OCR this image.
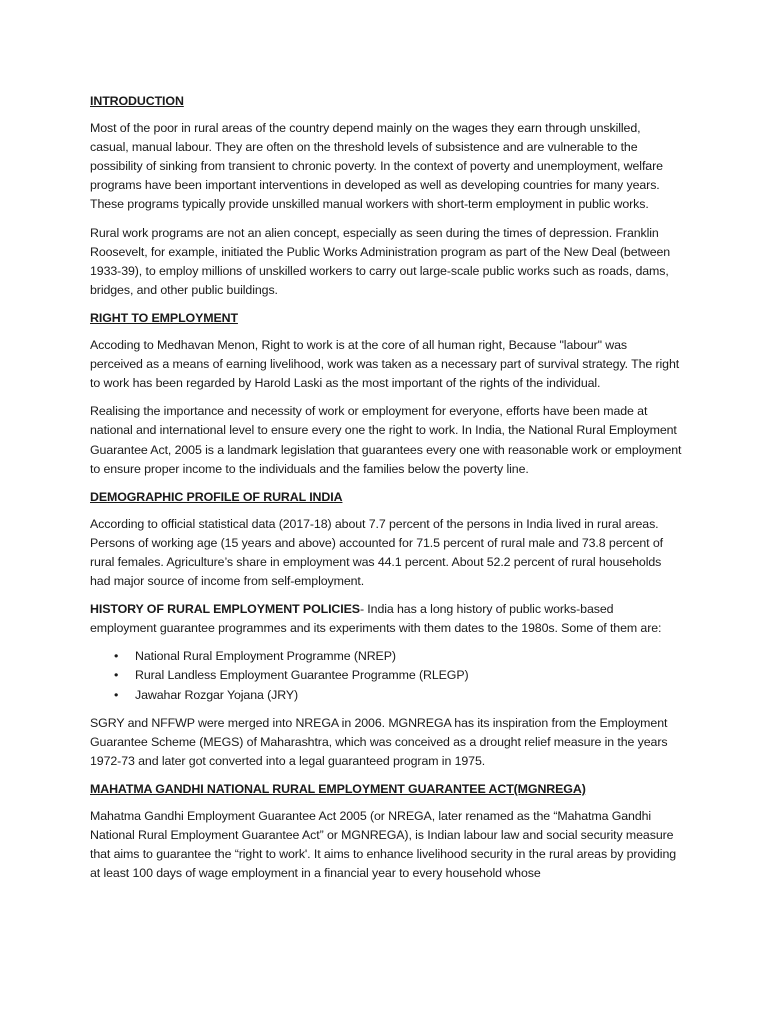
INTRODUCTION

Most of the poor in rural areas of the country depend mainly on the wages they earn through unskilled, casual, manual labour. They are often on the threshold levels of subsistence and are vulnerable to the possibility of sinking from transient to chronic poverty. In the context of poverty and unemployment, welfare programs have been important interventions in developed as well as developing countries for many years. These programs typically provide unskilled manual workers with short-term employment in public works.

Rural work programs are not an alien concept, especially as seen during the times of depression. Franklin Roosevelt, for example, initiated the Public Works Administration program as part of the New Deal (between 1933-39), to employ millions of unskilled workers to carry out large-scale public works such as roads, dams, bridges, and other public buildings.

RIGHT TO EMPLOYMENT

Accoding to Medhavan Menon, Right to work is at the core of all human right, Because "labour" was perceived as a means of earning livelihood, work was taken as a necessary part of survival strategy. The right to work has been regarded by Harold Laski as the most important of the rights of the individual.

Realising the importance and necessity of work or employment for everyone, efforts have been made at national and international level to ensure every one the right to work. In India, the National Rural Employment Guarantee Act, 2005 is a landmark legislation that guarantees every one with reasonable work or employment to ensure proper income to the individuals and the families below the poverty line.

DEMOGRAPHIC PROFILE OF RURAL INDIA

According to official statistical data (2017-18) about 7.7 percent of the persons in India lived in rural areas. Persons of working age (15 years and above) accounted for 71.5 percent of rural male and 73.8 percent of rural females. Agriculture’s share in employment was 44.1 percent. About 52.2 percent of rural households had major source of income from self-employment.

HISTORY OF RURAL EMPLOYMENT POLICIES- India has a long history of public works-based employment guarantee programmes and its experiments with them dates to the 1980s. Some of them are:

• National Rural Employment Programme (NREP)
• Rural Landless Employment Guarantee Programme (RLEGP)
• Jawahar Rozgar Yojana (JRY)

SGRY and NFFWP were merged into NREGA in 2006. MGNREGA has its inspiration from the Employment Guarantee Scheme (MEGS) of Maharashtra, which was conceived as a drought relief measure in the years 1972-73 and later got converted into a legal guaranteed program in 1975.

MAHATMA GANDHI NATIONAL RURAL EMPLOYMENT GUARANTEE ACT(MGNREGA)

Mahatma Gandhi Employment Guarantee Act 2005 (or NREGA, later renamed as the “Mahatma Gandhi National Rural Employment Guarantee Act” or MGNREGA), is Indian labour law and social security measure that aims to guarantee the “right to work'. It aims to enhance livelihood security in the rural areas by providing at least 100 days of wage employment in a financial year to every household whose
